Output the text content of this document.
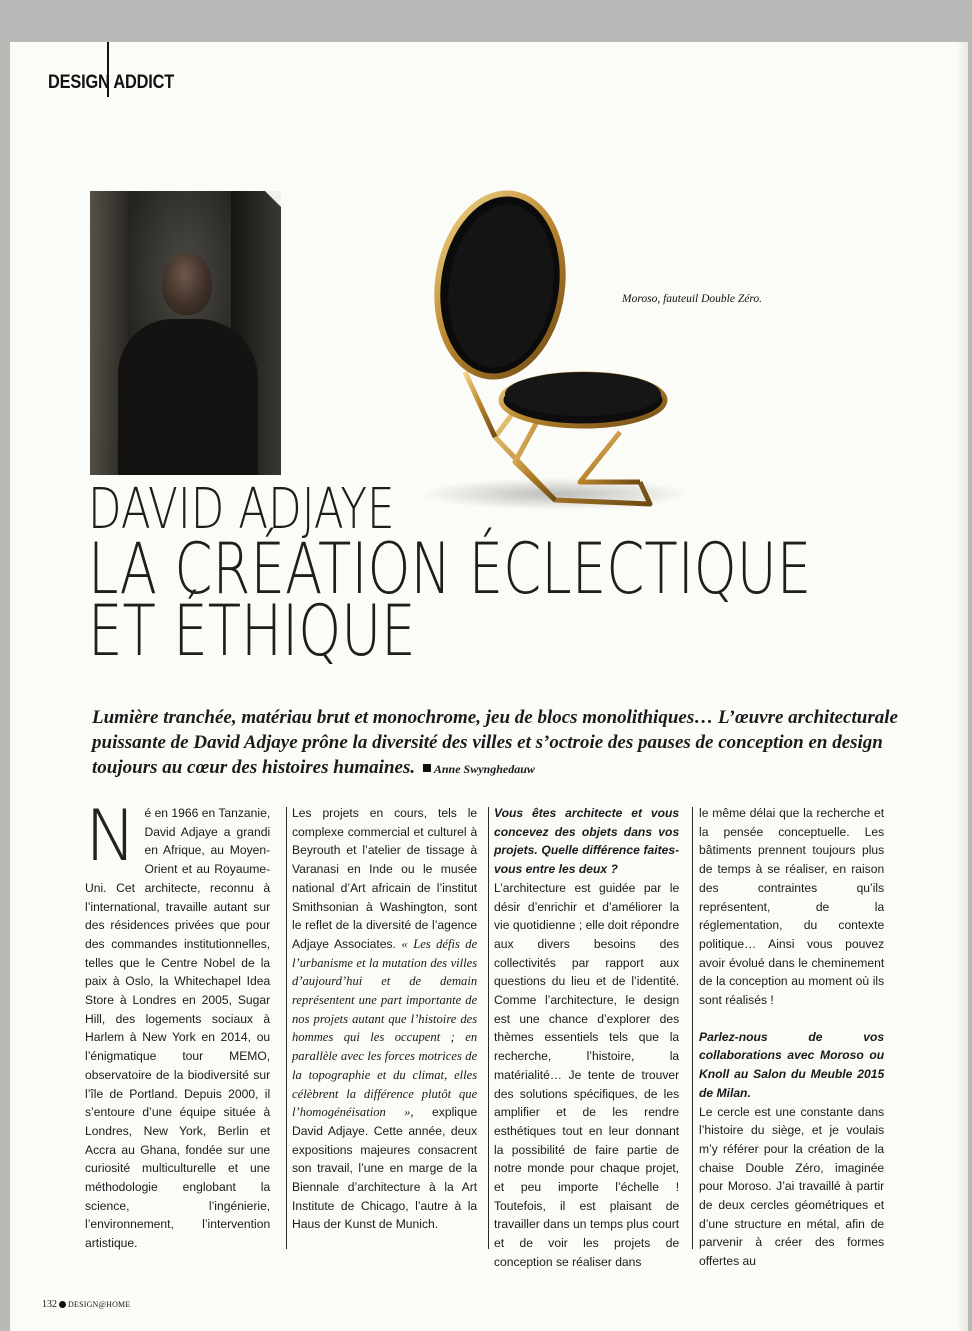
DESIGN ADDICT
Moroso, fauteuil Double Zéro.
DAVID ADJAYE
LA CRÉATION ÉCLECTIQUE
ET ÉTHIQUE
Lumière tranchée, matériau brut et monochrome, jeu de blocs monolithiques… L’œuvre architecturale puissante de David Adjaye prône la diversité des villes et s’octroie des pauses de conception en design toujours au cœur des histoires humaines. Anne Swynghedauw

Né en 1966 en Tanzanie, David Adjaye a grandi en Afrique, au Moyen-Orient et au Royaume-Uni. Cet architecte, reconnu à l’international, travaille autant sur des résidences privées que pour des commandes institutionnelles, telles que le Centre Nobel de la paix à Oslo, la Whitechapel Idea Store à Londres en 2005, Sugar Hill, des logements sociaux à Harlem à New York en 2014, ou l’énigmatique tour MEMO, observatoire de la biodiversité sur l’île de Portland. Depuis 2000, il s’entoure d’une équipe située à Londres, New York, Berlin et Accra au Ghana, fondée sur une curiosité multiculturelle et une méthodologie englobant la science, l’ingénierie, l’environnement, l’intervention artistique.

Les projets en cours, tels le complexe commercial et culturel à Beyrouth et l’atelier de tissage à Varanasi en Inde ou le musée national d’Art africain de l’institut Smithsonian à Washington, sont le reflet de la diversité de l’agence Adjaye Associates. « Les défis de l’urbanisme et la mutation des villes d’aujourd’hui et de demain représentent une part importante de nos projets autant que l’histoire des hommes qui les occupent ; en parallèle avec les forces motrices de la topographie et du climat, elles célèbrent la différence plutôt que l’homogénéisation », explique David Adjaye. Cette année, deux expositions majeures consacrent son travail, l’une en marge de la Biennale d’architecture à la Art Institute de Chicago, l’autre à la Haus der Kunst de Munich.

Vous êtes architecte et vous concevez des objets dans vos projets. Quelle différence faites-vous entre les deux ?

L’architecture est guidée par le désir d’enrichir et d’améliorer la vie quotidienne ; elle doit répondre aux divers besoins des collectivités par rapport aux questions du lieu et de l’identité. Comme l’architecture, le design est une chance d’explorer des thèmes essentiels tels que la recherche, l’histoire, la matérialité… Je tente de trouver des solutions spécifiques, de les amplifier et de les rendre esthétiques tout en leur donnant la possibilité de faire partie de notre monde pour chaque projet, et peu importe l’échelle ! Toutefois, il est plaisant de travailler dans un temps plus court et de voir les projets de conception se réaliser dans

le même délai que la recherche et la pensée conceptuelle. Les bâtiments prennent toujours plus de temps à se réaliser, en raison des contraintes qu’ils représentent, de la réglementation, du contexte politique… Ainsi vous pouvez avoir évolué dans le cheminement de la conception au moment où ils sont réalisés !

Parlez-nous de vos collaborations avec Moroso ou Knoll au Salon du Meuble 2015 de Milan.

Le cercle est une constante dans l’histoire du siège, et je voulais m’y référer pour la création de la chaise Double Zéro, imaginée pour Moroso. J’ai travaillé à partir de deux cercles géométriques et d’une structure en métal, afin de parvenir à créer des formes offertes au

132 DESIGN@HOME
